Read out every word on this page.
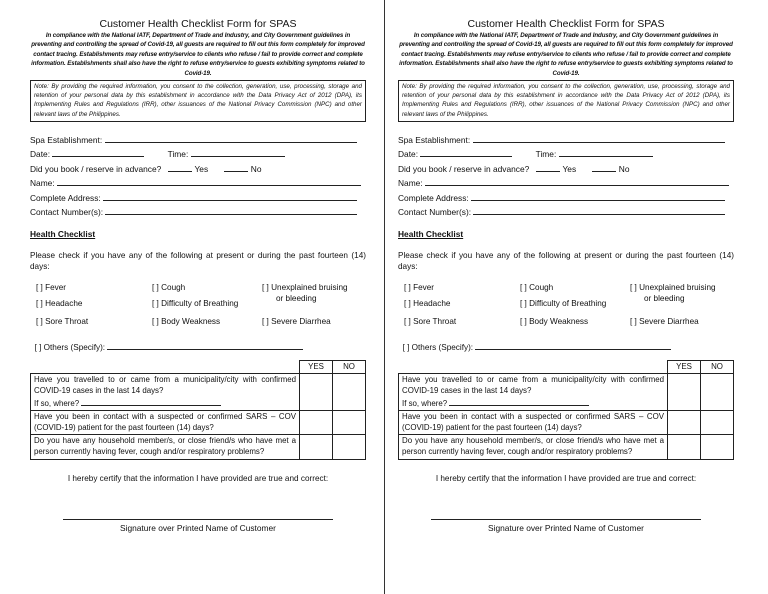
Customer Health Checklist Form for SPAS
In compliance with the National IATF, Department of Trade and Industry, and City Government guidelines in preventing and controlling the spread of Covid-19, all guests are required to fill out this form completely for improved contact tracing. Establishments may refuse entry/service to clients who refuse / fail to provide correct and complete information. Establishments shall also have the right to refuse entry/service to guests exhibiting symptoms related to Covid-19.
Note: By providing the required information, you consent to the collection, generation, use, processing, storage and retention of your personal data by this establishment in accordance with the Data Privacy Act of 2012 (DPA), its Implementing Rules and Regulations (IRR), other issuances of the National Privacy Commission (NPC) and other relevant laws of the Philippines.
Spa Establishment:
Date:	Time:
Did you book / reserve in advance?	Yes	No
Name:
Complete Address:
Contact Number(s):
Health Checklist
Please check if you have any of the following at present or during the past fourteen (14) days:
[ ] Fever	[ ] Cough	[ ] Unexplained bruising
or bleeding
[ ] Headache	[ ] Difficulty of Breathing
[ ] Sore Throat	[ ] Body Weakness	[ ] Severe Diarrhea
[ ] Others (Specify):
	YES	NO
Have you travelled to or came from a municipality/city with confirmed COVID-19 cases in the last 14 days?
If so, where?		
Have you been in contact with a suspected or confirmed SARS – COV (COVID-19) patient for the past fourteen (14) days?		
Do you have any household member/s, or close friend/s who have met a person currently having fever, cough and/or respiratory problems?		
I hereby certify that the information I have provided are true and correct:
Signature over Printed Name of Customer
Customer Health Checklist Form for SPAS
In compliance with the National IATF, Department of Trade and Industry, and City Government guidelines in preventing and controlling the spread of Covid-19, all guests are required to fill out this form completely for improved contact tracing. Establishments may refuse entry/service to clients who refuse / fail to provide correct and complete information. Establishments shall also have the right to refuse entry/service to guests exhibiting symptoms related to Covid-19.
Note: By providing the required information, you consent to the collection, generation, use, processing, storage and retention of your personal data by this establishment in accordance with the Data Privacy Act of 2012 (DPA), its Implementing Rules and Regulations (IRR), other issuances of the National Privacy Commission (NPC) and other relevant laws of the Philippines.
Spa Establishment:
Date:	Time:
Did you book / reserve in advance?	Yes	No
Name:
Complete Address:
Contact Number(s):
Health Checklist
Please check if you have any of the following at present or during the past fourteen (14) days:
[ ] Fever	[ ] Cough	[ ] Unexplained bruising
or bleeding
[ ] Headache	[ ] Difficulty of Breathing
[ ] Sore Throat	[ ] Body Weakness	[ ] Severe Diarrhea
[ ] Others (Specify):
	YES	NO
Have you travelled to or came from a municipality/city with confirmed COVID-19 cases in the last 14 days?
If so, where?		
Have you been in contact with a suspected or confirmed SARS – COV (COVID-19) patient for the past fourteen (14) days?		
Do you have any household member/s, or close friend/s who have met a person currently having fever, cough and/or respiratory problems?		
I hereby certify that the information I have provided are true and correct:
Signature over Printed Name of Customer
